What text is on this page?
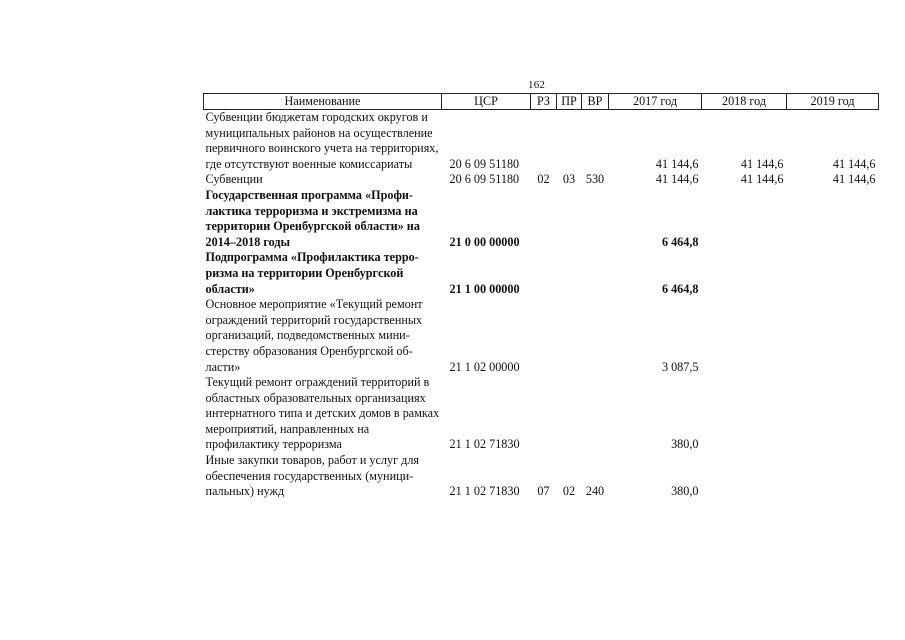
162
Наименование	ЦСР	РЗ	ПР	ВР	2017 год	2018 год	2019 год
Субвенции бюджетам городских округов и муниципальных районов на осуществление первичного воинского учета на территориях, где отсутствуют военные комиссариаты	20 6 09 51180				41 144,6	41 144,6	41 144,6
Субвенции	20 6 09 51180	02	03	530	41 144,6	41 144,6	41 144,6
Государственная программа «Профилактика терроризма и экстремизма на территории Оренбургской области» на 2014–2018 годы	21 0 00 00000				6 464,8		
Подпрограмма «Профилактика терроризма на территории Оренбургской области»	21 1 00 00000				6 464,8		
Основное мероприятие «Текущий ремонт ограждений территорий государственных организаций, подведомственных министерству образования Оренбургской области»	21 1 02 00000				3 087,5		
Текущий ремонт ограждений территорий в областных образовательных организациях интернатного типа и детских домов в рамках мероприятий, направленных на профилактику терроризма	21 1 02 71830				380,0		
Иные закупки товаров, работ и услуг для обеспечения государственных (муниципальных) нужд	21 1 02 71830	07	02	240	380,0		
